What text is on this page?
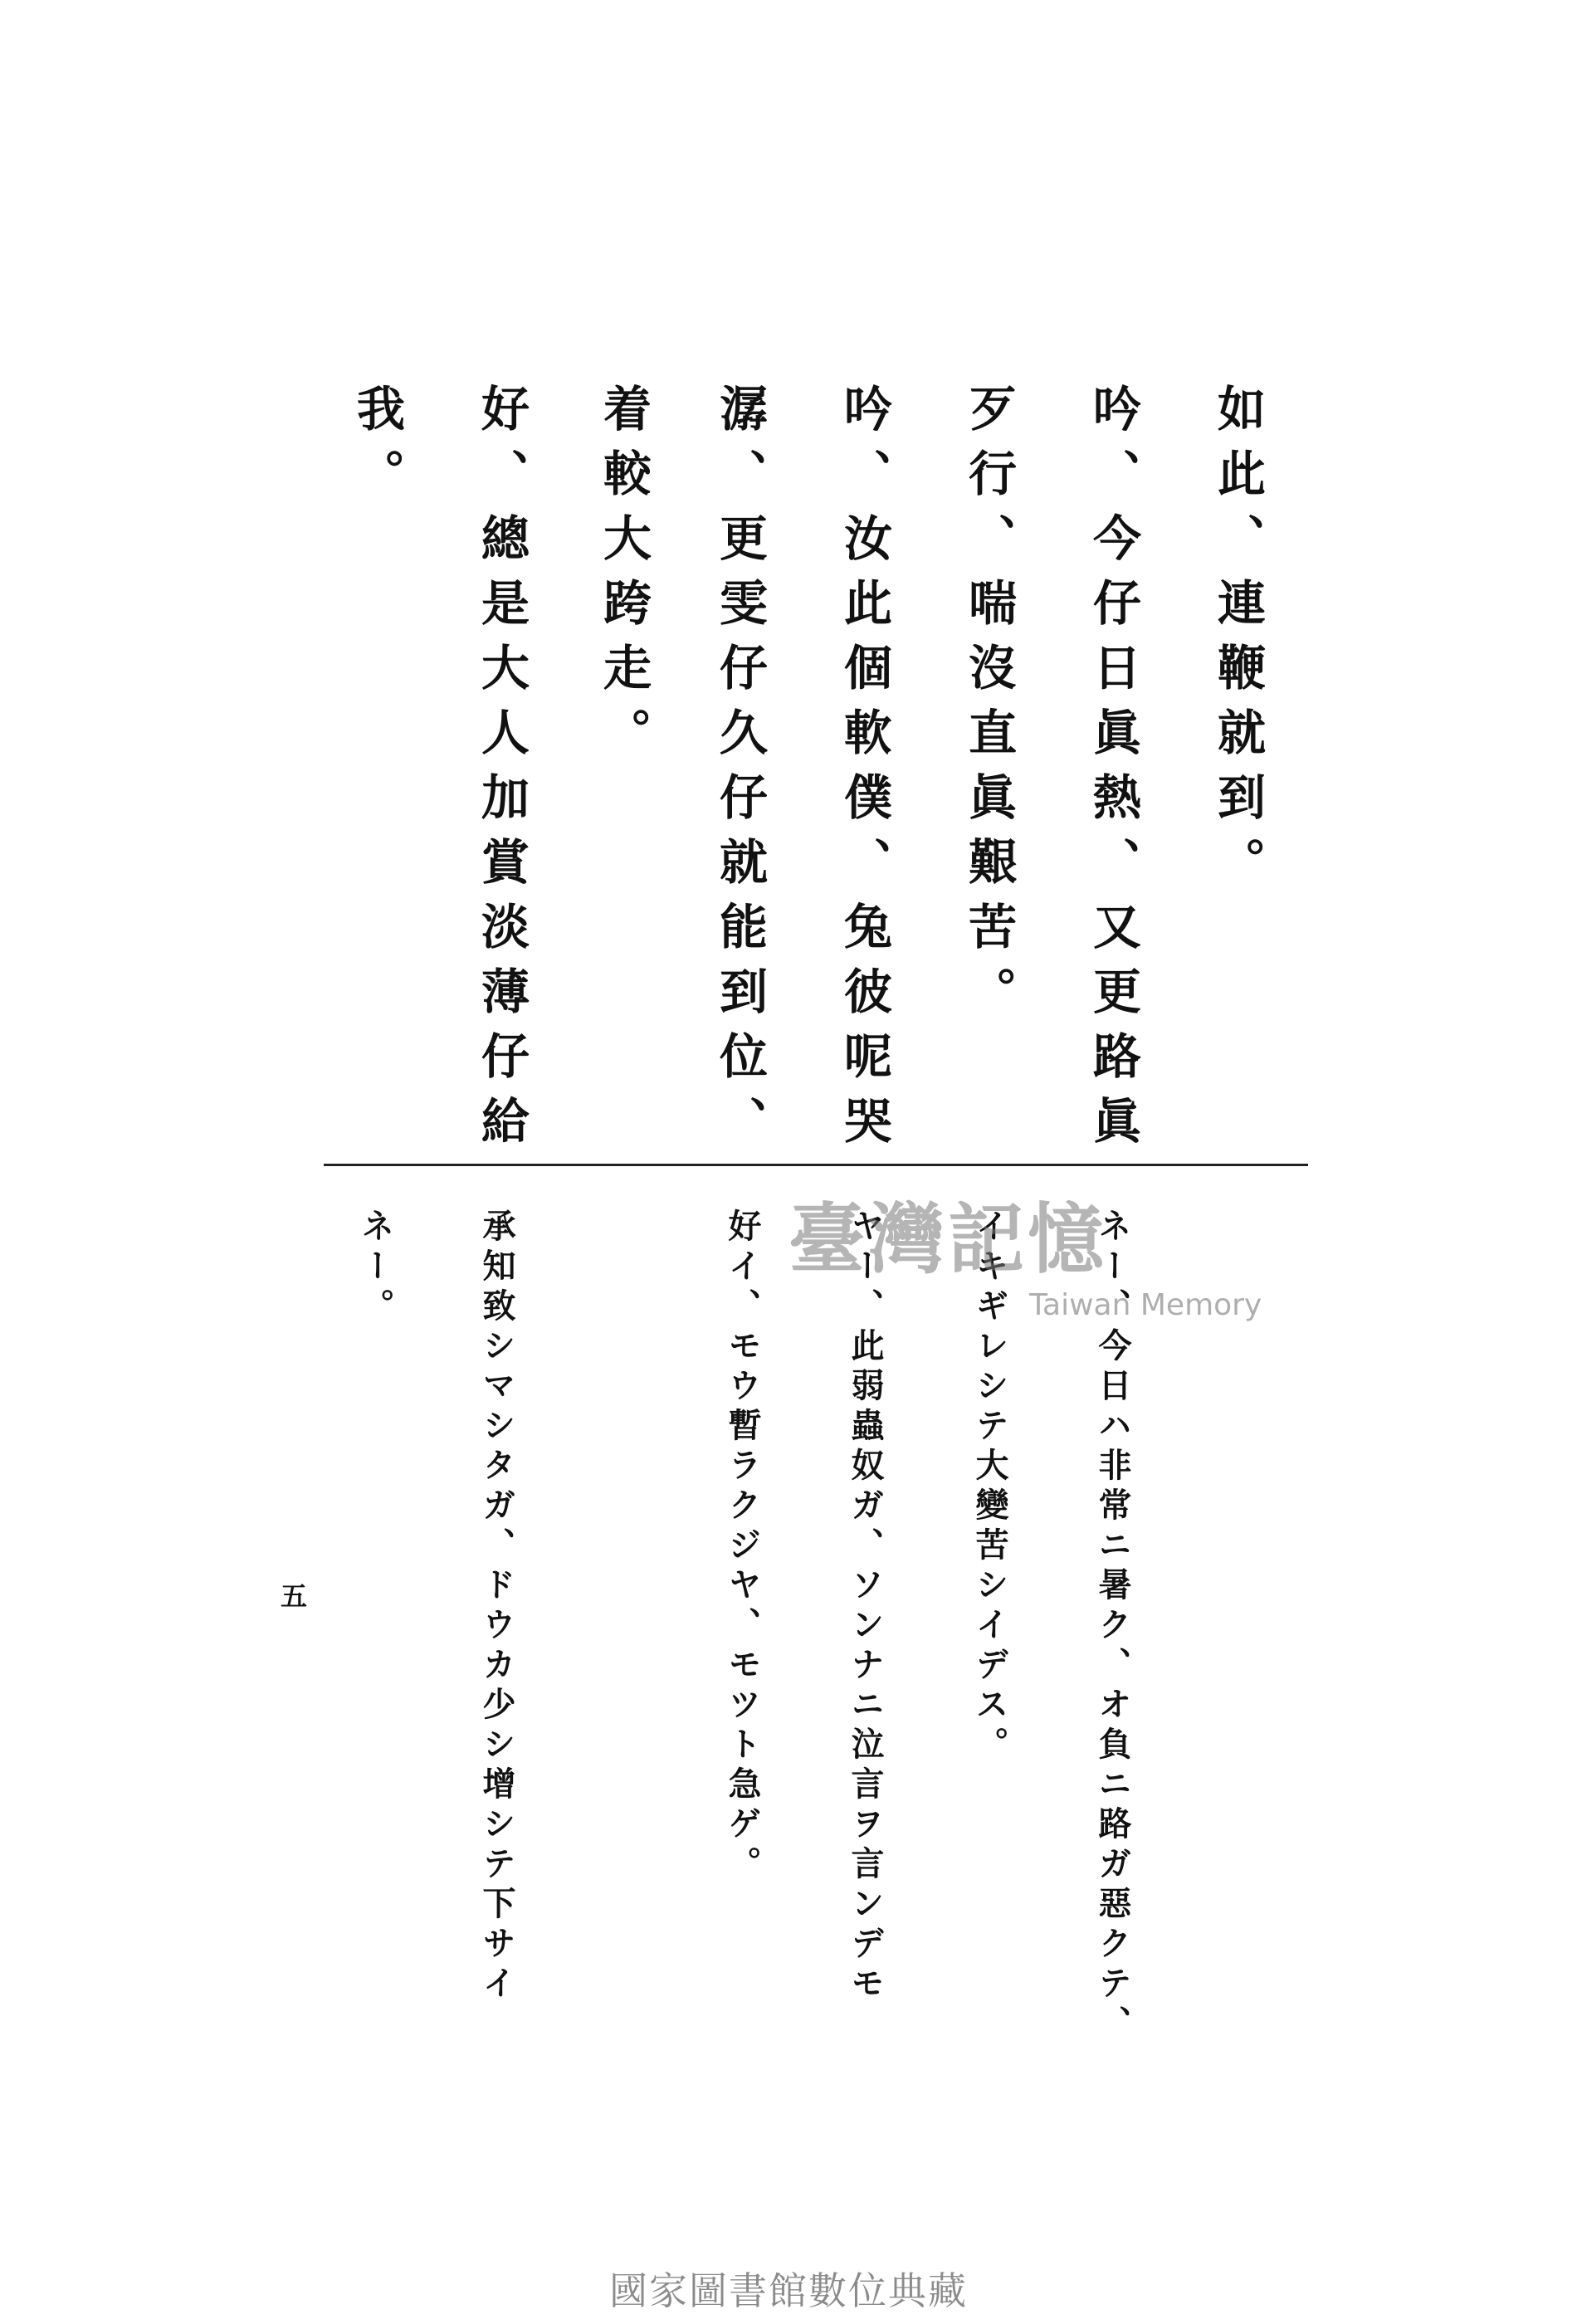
如此、連鞭就到。
吟、今仔日眞熱、又更路眞
歹行、喘沒直眞艱苦。
吟、汝此個軟僕、兔彼呢哭
潺、更雯仔久仔就能到位、
着較大跨走。
好、總是大人加賞淡薄仔給
我。
ネー、今日ハ非常ニ暑ク、オ負ニ路ガ惡クテ、
イキギレシテ大變苦シイデス。
ヤー、此弱蟲奴ガ、ソンナニ泣言ヲ言ンデモ
好イ、モウ暫ラクジヤ、モツト急ゲ。
承知致シマシタガ、ドウカ少シ增シテ下サイ
ネー。
五
臺灣記憶
Taiwan Memory
國家圖書館數位典藏
